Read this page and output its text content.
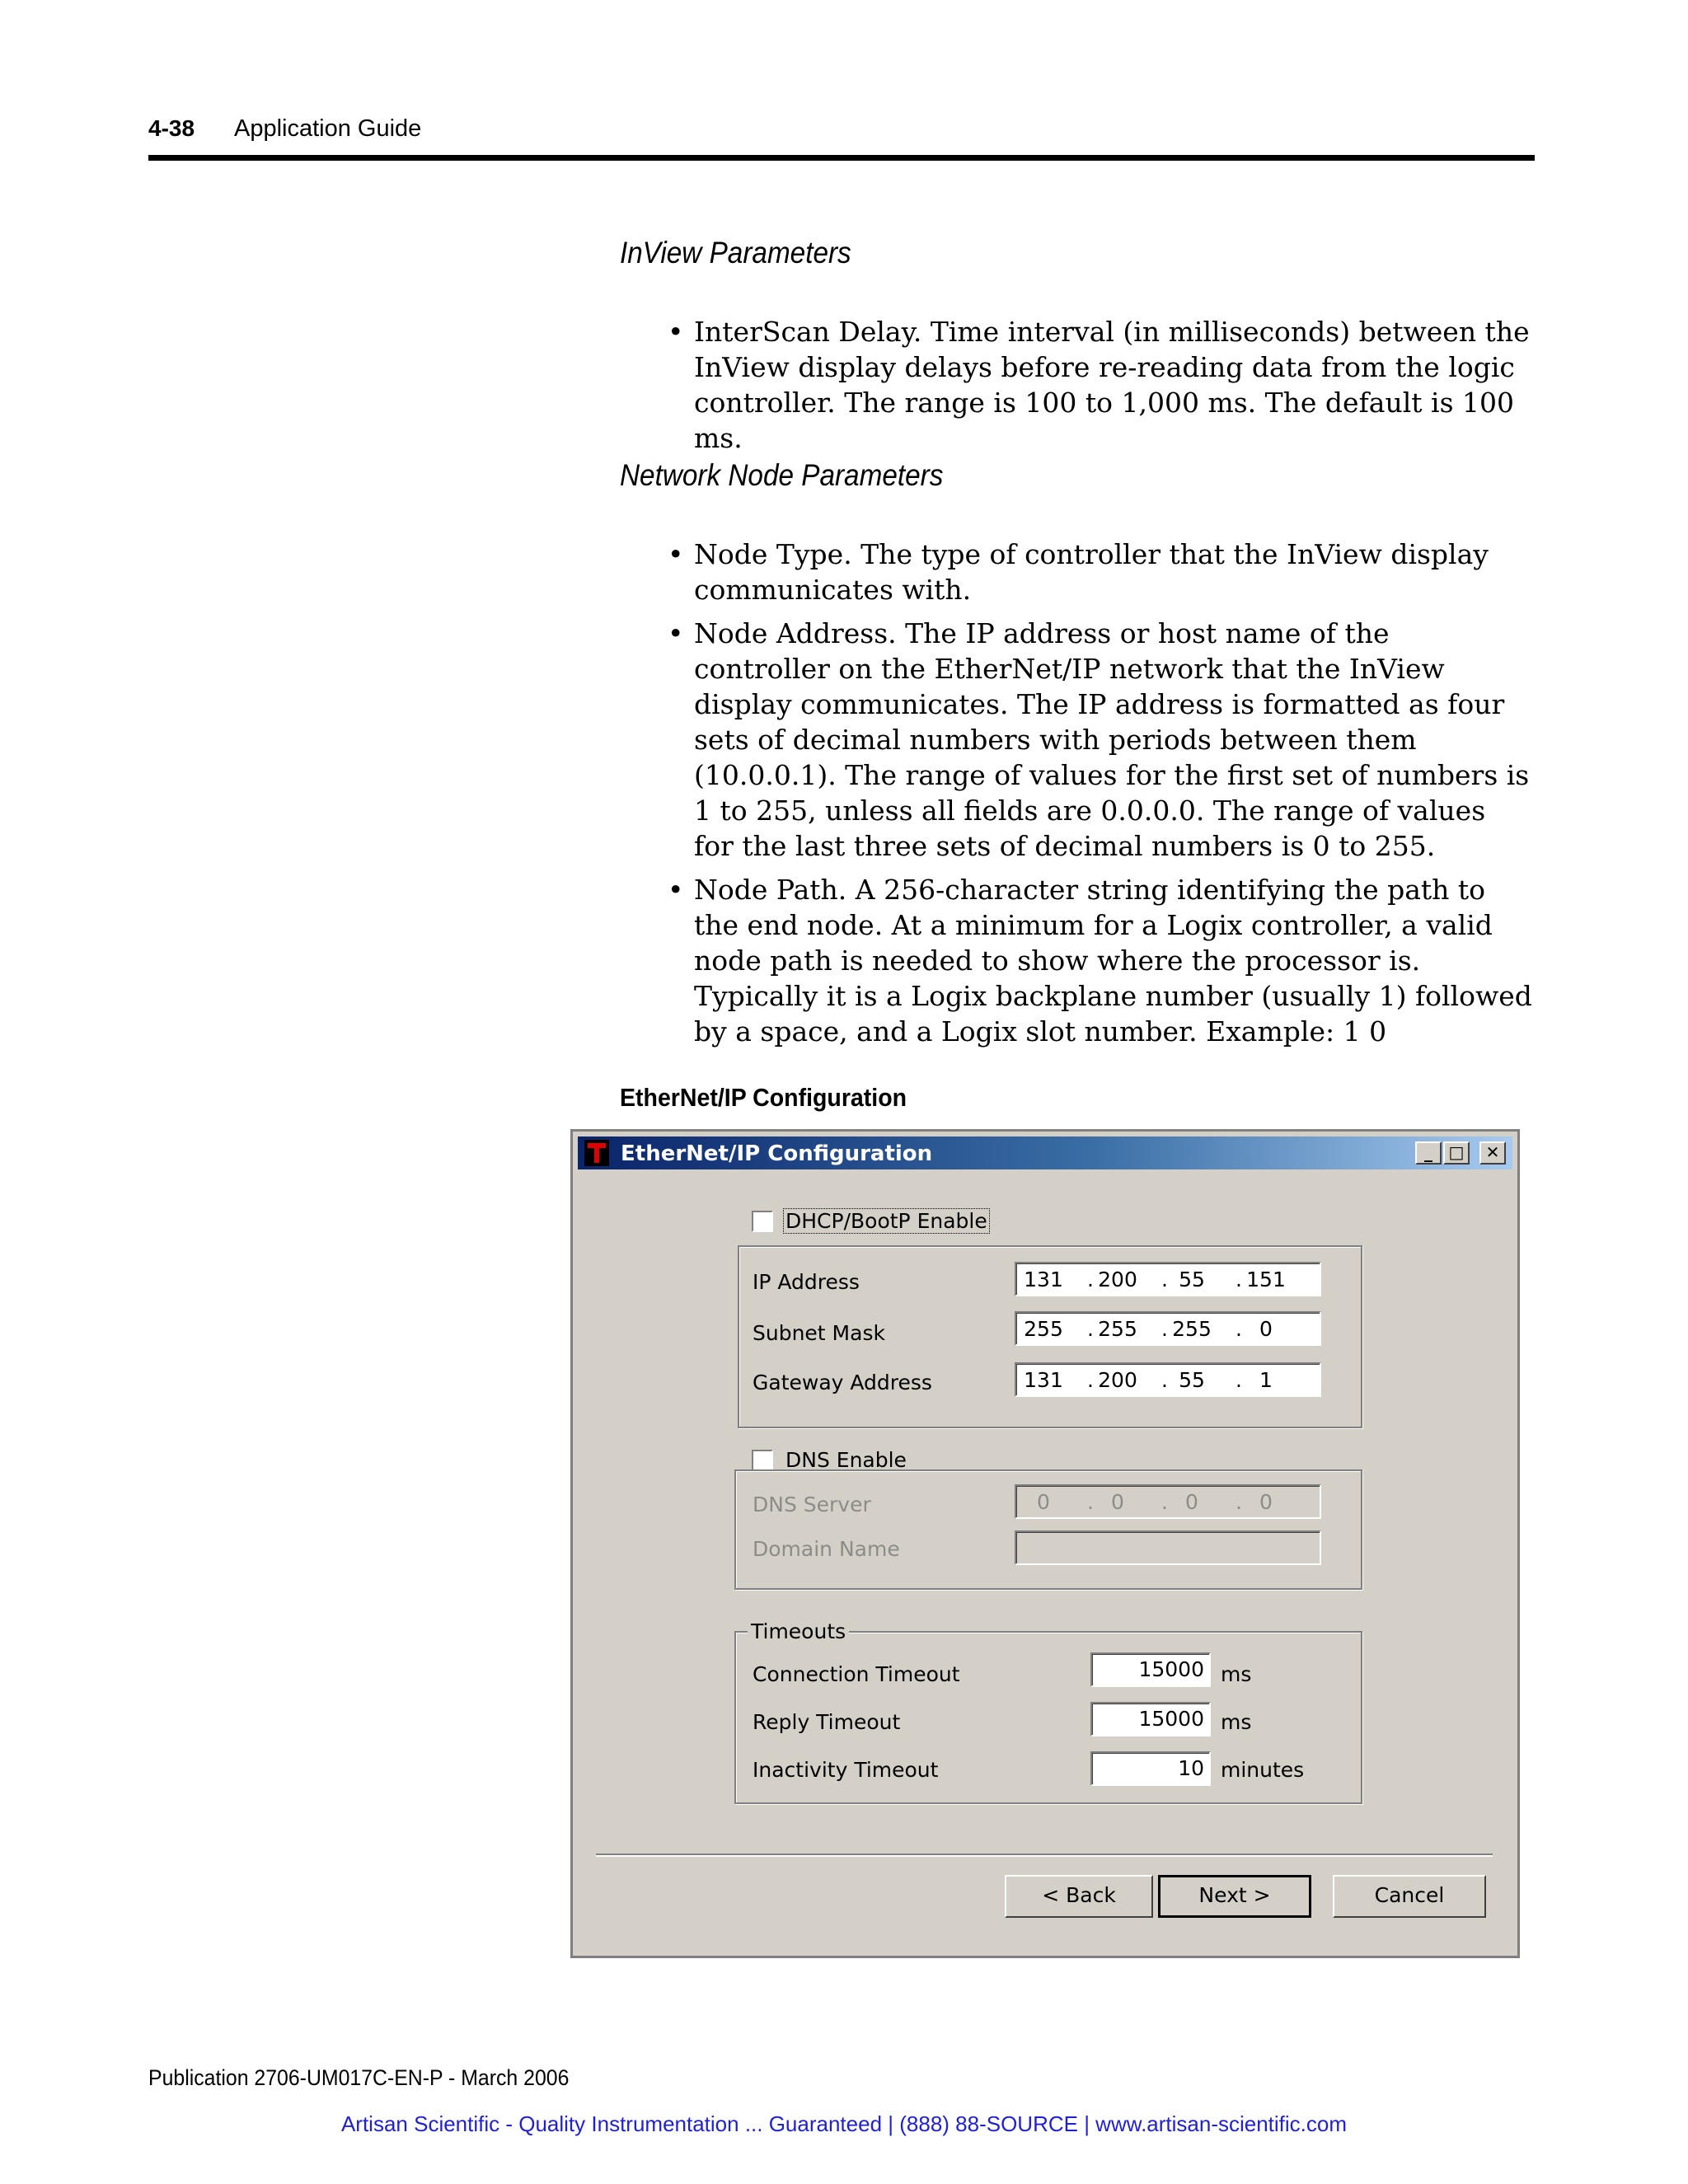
4-38 Application Guide
InView Parameters
• InterScan Delay. Time interval (in milliseconds) between the InView display delays before re-reading data from the logic controller. The range is 100 to 1,000 ms. The default is 100 ms.
Network Node Parameters
• Node Type. The type of controller that the InView display communicates with.
• Node Address. The IP address or host name of the controller on the EtherNet/IP network that the InView display communicates. The IP address is formatted as four sets of decimal numbers with periods between them (10.0.0.1). The range of values for the first set of numbers is 1 to 255, unless all fields are 0.0.0.0. The range of values for the last three sets of decimal numbers is 0 to 255.
• Node Path. A 256-character string identifying the path to the end node. At a minimum for a Logix controller, a valid node path is needed to show where the processor is. Typically it is a Logix backplane number (usually 1) followed by a space, and a Logix slot number. Example: 1 0
EtherNet/IP Configuration
EtherNet/IP Configuration	_ □	✕
DHCP/BootP Enable
IP Address	131 . 200 . 55	. 151
Subnet Mask	255 . 255 . 255 . 0
Gateway Address	131 . 200 . 55	. 1
DNS Enable
DNS Server	0	. 0	. 0	. 0
Domain Name
Timeouts
Connection Timeout	15000 ms
Reply Timeout	15000 ms
Inactivity Timeout	10 minutes
< Back	Next >	Cancel
Publication 2706-UM017C-EN-P - March 2006
Artisan Scientific - Quality Instrumentation ... Guaranteed | (888) 88-SOURCE | www.artisan-scientific.com
